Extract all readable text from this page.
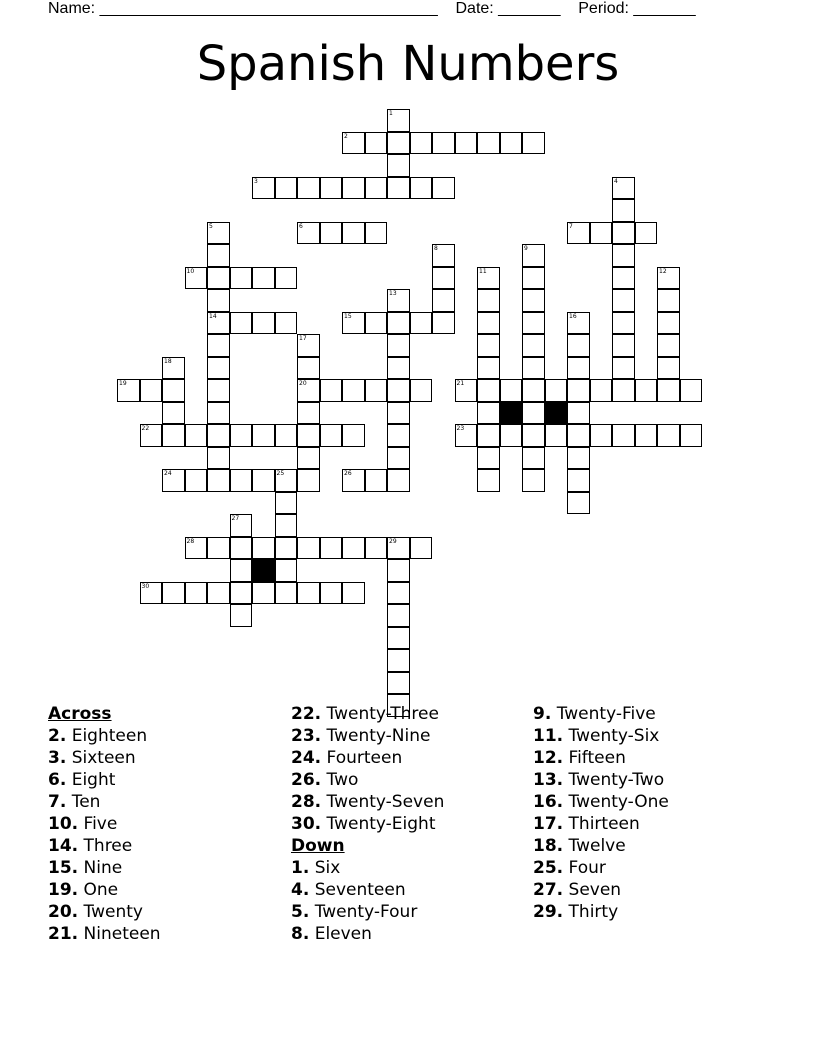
Name: ______________________________________    Date: _______    Period: _______
Spanish Numbers
2
3
6	7
10
14	15
19	20	21
22	23
24	25	26
28	29
30
1
4
5
8	9
11	12
13
16
17
18
27
Across
2. Eighteen
3. Sixteen
6. Eight
7. Ten
10. Five
14. Three
15. Nine
19. One
20. Twenty
21. Nineteen
22. Twenty-Three
23. Twenty-Nine
24. Fourteen
26. Two
28. Twenty-Seven
30. Twenty-Eight
Down
1. Six
4. Seventeen
5. Twenty-Four
8. Eleven
9. Twenty-Five
11. Twenty-Six
12. Fifteen
13. Twenty-Two
16. Twenty-One
17. Thirteen
18. Twelve
25. Four
27. Seven
29. Thirty
